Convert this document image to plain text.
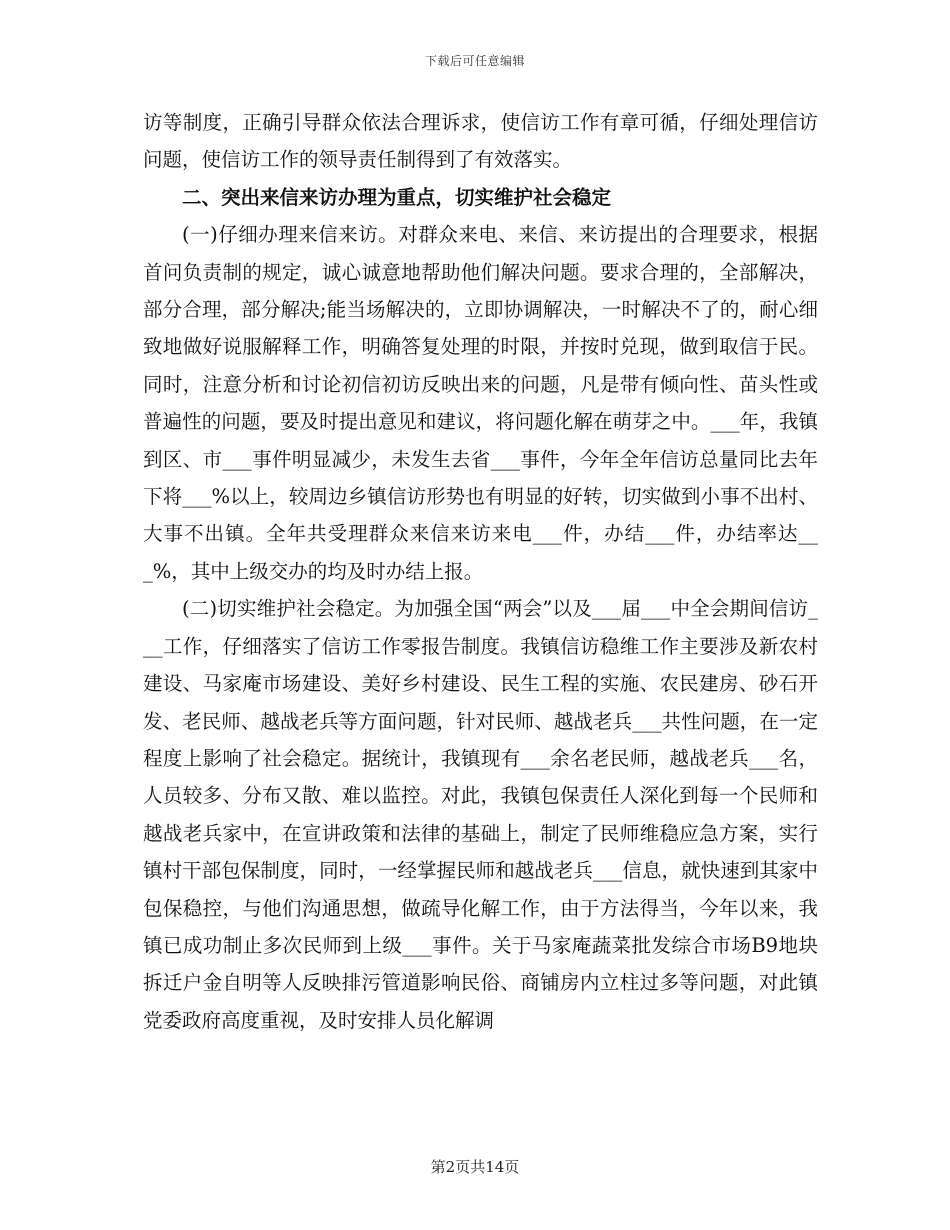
下载后可任意编辑

访等制度，正确引导群众依法合理诉求，使信访工作有章可循，仔细处理信访问题，使信访工作的领导责任制得到了有效落实。

二、突出来信来访办理为重点，切实维护社会稳定

(一)仔细办理来信来访。对群众来电、来信、来访提出的合理要求，根据首问负责制的规定，诚心诚意地帮助他们解决问题。要求合理的，全部解决，部分合理，部分解决;能当场解决的，立即协调解决，一时解决不了的，耐心细致地做好说服解释工作，明确答复处理的时限，并按时兑现，做到取信于民。同时，注意分析和讨论初信初访反映出来的问题，凡是带有倾向性、苗头性或普遍性的问题，要及时提出意见和建议，将问题化解在萌芽之中。___年，我镇到区、市___事件明显减少，未发生去省___事件，今年全年信访总量同比去年下将___%以上，较周边乡镇信访形势也有明显的好转，切实做到小事不出村、大事不出镇。全年共受理群众来信来访来电___件，办结___件，办结率达___%，其中上级交办的均及时办结上报。

(二)切实维护社会稳定。为加强全国“两会”以及___届___中全会期间信访___工作，仔细落实了信访工作零报告制度。我镇信访稳维工作主要涉及新农村建设、马家庵市场建设、美好乡村建设、民生工程的实施、农民建房、砂石开发、老民师、越战老兵等方面问题，针对民师、越战老兵___共性问题，在一定程度上影响了社会稳定。据统计，我镇现有___余名老民师，越战老兵___名，人员较多、分布又散、难以监控。对此，我镇包保责任人深化到每一个民师和越战老兵家中，在宣讲政策和法律的基础上，制定了民师维稳应急方案，实行镇村干部包保制度，同时，一经掌握民师和越战老兵___信息，就快速到其家中包保稳控，与他们沟通思想，做疏导化解工作，由于方法得当，今年以来，我镇已成功制止多次民师到上级___事件。关于马家庵蔬菜批发综合市场B9地块拆迁户金自明等人反映排污管道影响民俗、商铺房内立柱过多等问题，对此镇党委政府高度重视，及时安排人员化解调

第2页共14页
